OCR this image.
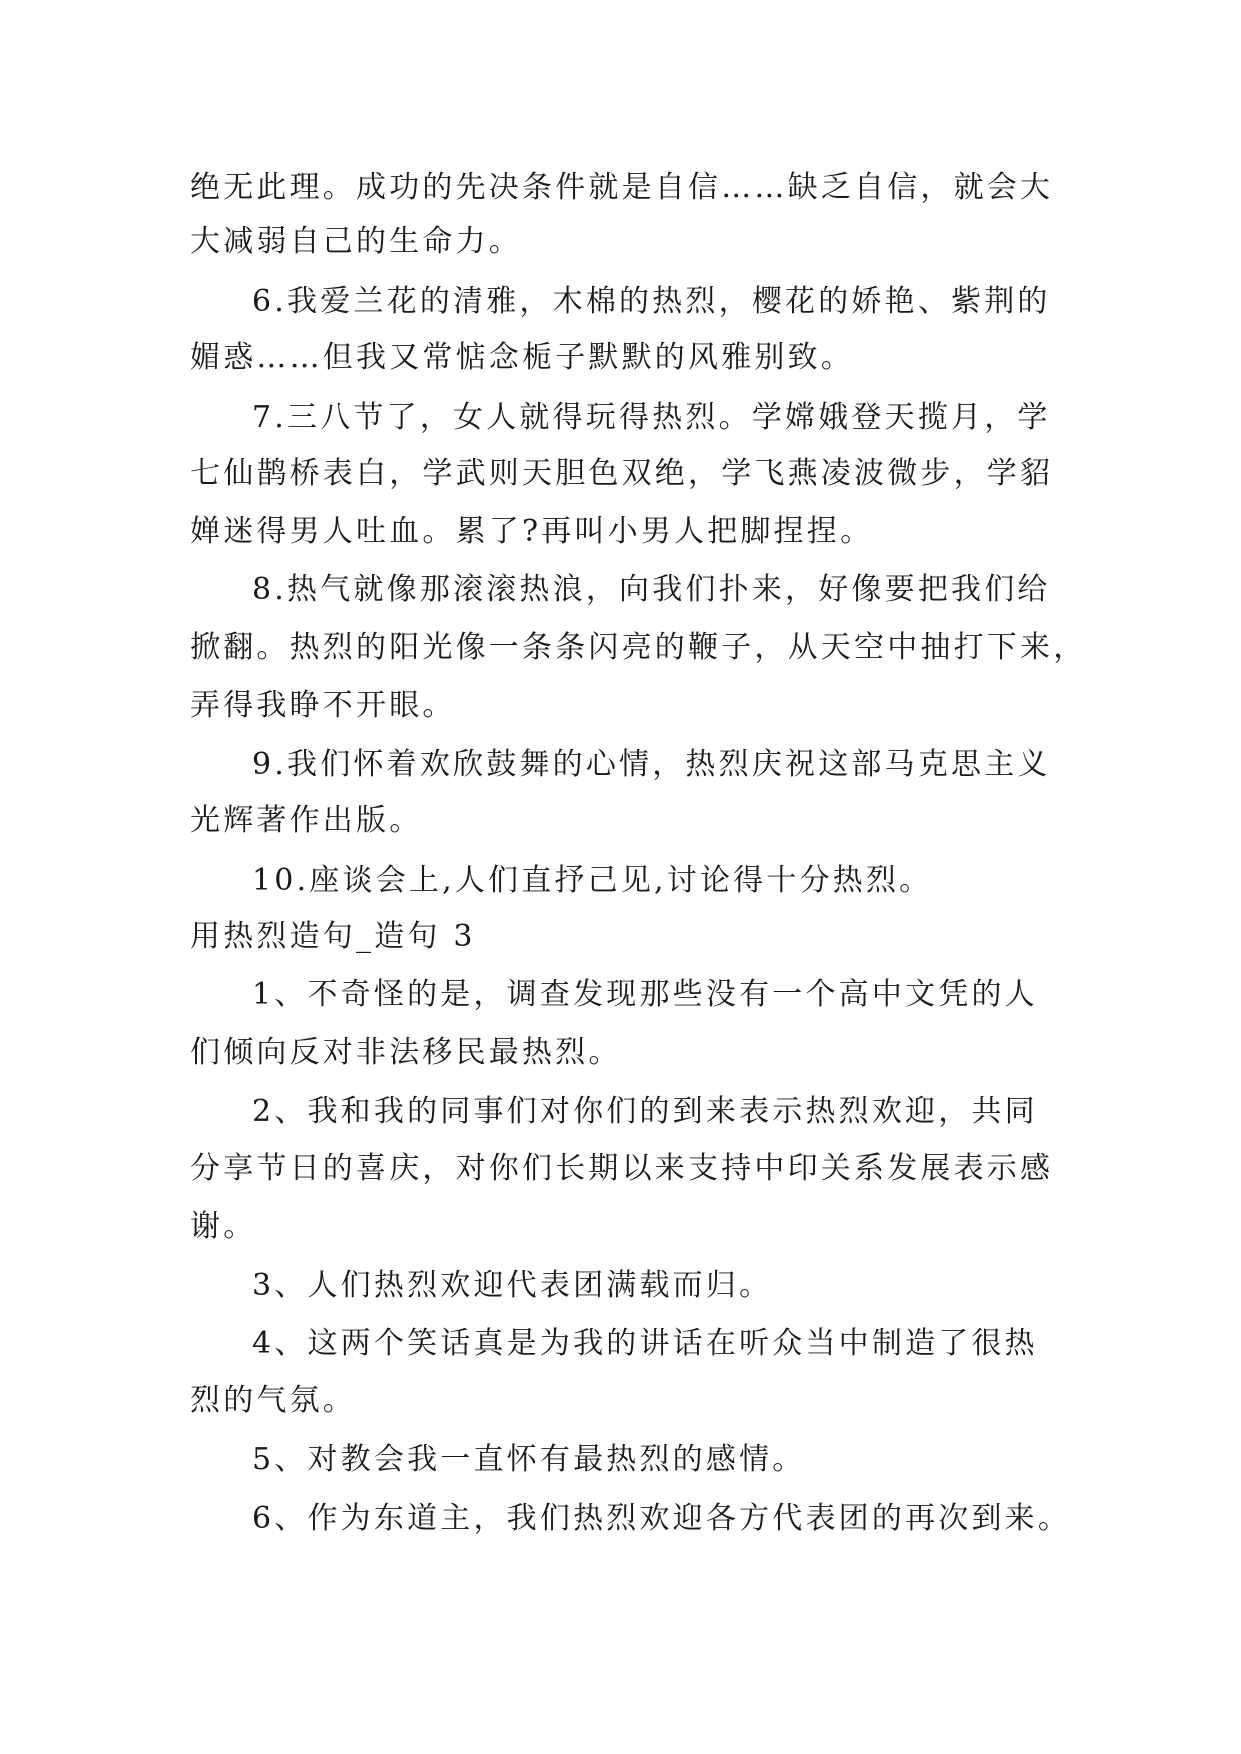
绝无此理。成功的先决条件就是自信……缺乏自信，就会大
大减弱自己的生命力。
6.我爱兰花的清雅，木棉的热烈，樱花的娇艳、紫荆的
媚惑……但我又常惦念栀子默默的风雅别致。
7.三八节了，女人就得玩得热烈。学嫦娥登天揽月，学
七仙鹊桥表白，学武则天胆色双绝，学飞燕凌波微步，学貂
婵迷得男人吐血。累了?再叫小男人把脚捏捏。
8.热气就像那滚滚热浪，向我们扑来，好像要把我们给
掀翻。热烈的阳光像一条条闪亮的鞭子，从天空中抽打下来，
弄得我睁不开眼。
9.我们怀着欢欣鼓舞的心情，热烈庆祝这部马克思主义
光辉著作出版。
10.座谈会上,人们直抒己见,讨论得十分热烈。
用热烈造句_造句 3
1、不奇怪的是，调查发现那些没有一个高中文凭的人
们倾向反对非法移民最热烈。
2、我和我的同事们对你们的到来表示热烈欢迎，共同
分享节日的喜庆，对你们长期以来支持中印关系发展表示感
谢。
3、人们热烈欢迎代表团满载而归。
4、这两个笑话真是为我的讲话在听众当中制造了很热
烈的气氛。
5、对教会我一直怀有最热烈的感情。
6、作为东道主，我们热烈欢迎各方代表团的再次到来。
